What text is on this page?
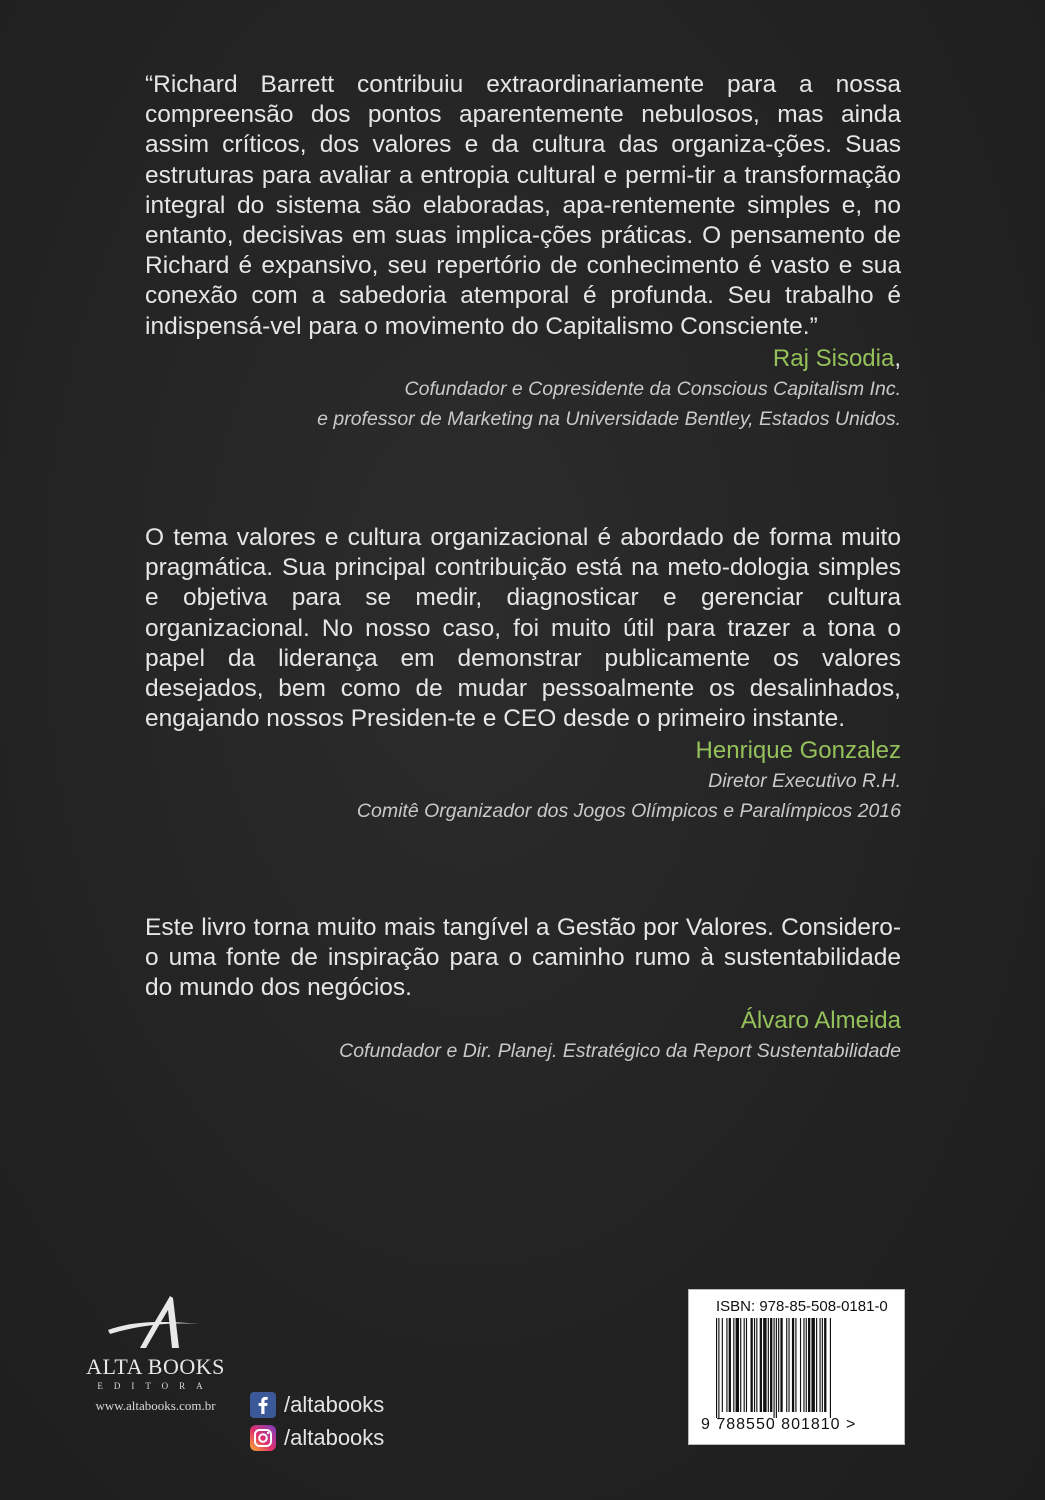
“Richard Barrett contribuiu extraordinariamente para a nossa compreensão dos pontos aparentemente nebulosos, mas ainda assim críticos, dos valores e da cultura das organiza-ções. Suas estruturas para avaliar a entropia cultural e permi-tir a transformação integral do sistema são elaboradas, apa-rentemente simples e, no entanto, decisivas em suas implica-ções práticas. O pensamento de Richard é expansivo, seu repertório de conhecimento é vasto e sua conexão com a sabedoria atemporal é profunda. Seu trabalho é indispensá-vel para o movimento do Capitalismo Consciente.”

Raj Sisodia,

Cofundador e Copresidente da Conscious Capitalism Inc.

e professor de Marketing na Universidade Bentley, Estados Unidos.

O tema valores e cultura organizacional é abordado de forma muito pragmática. Sua principal contribuição está na meto-dologia simples e objetiva para se medir, diagnosticar e gerenciar cultura organizacional. No nosso caso, foi muito útil para trazer a tona o papel da liderança em demonstrar publicamente os valores desejados, bem como de mudar pessoalmente os desalinhados, engajando nossos Presiden-te e CEO desde o primeiro instante.

Henrique Gonzalez

Diretor Executivo R.H.

Comitê Organizador dos Jogos Olímpicos e Paralímpicos 2016

Este livro torna muito mais tangível a Gestão por Valores. Considero-o uma fonte de inspiração para o caminho rumo à sustentabilidade do mundo dos negócios.

Álvaro Almeida

Cofundador e Dir. Planej. Estratégico da Report Sustentabilidade

ALTA BOOKS
EDITORA
www.altabooks.com.br	/altabooks
/altabooks
ISBN: 978-85-508-0181-0
9 788550 801810 >
